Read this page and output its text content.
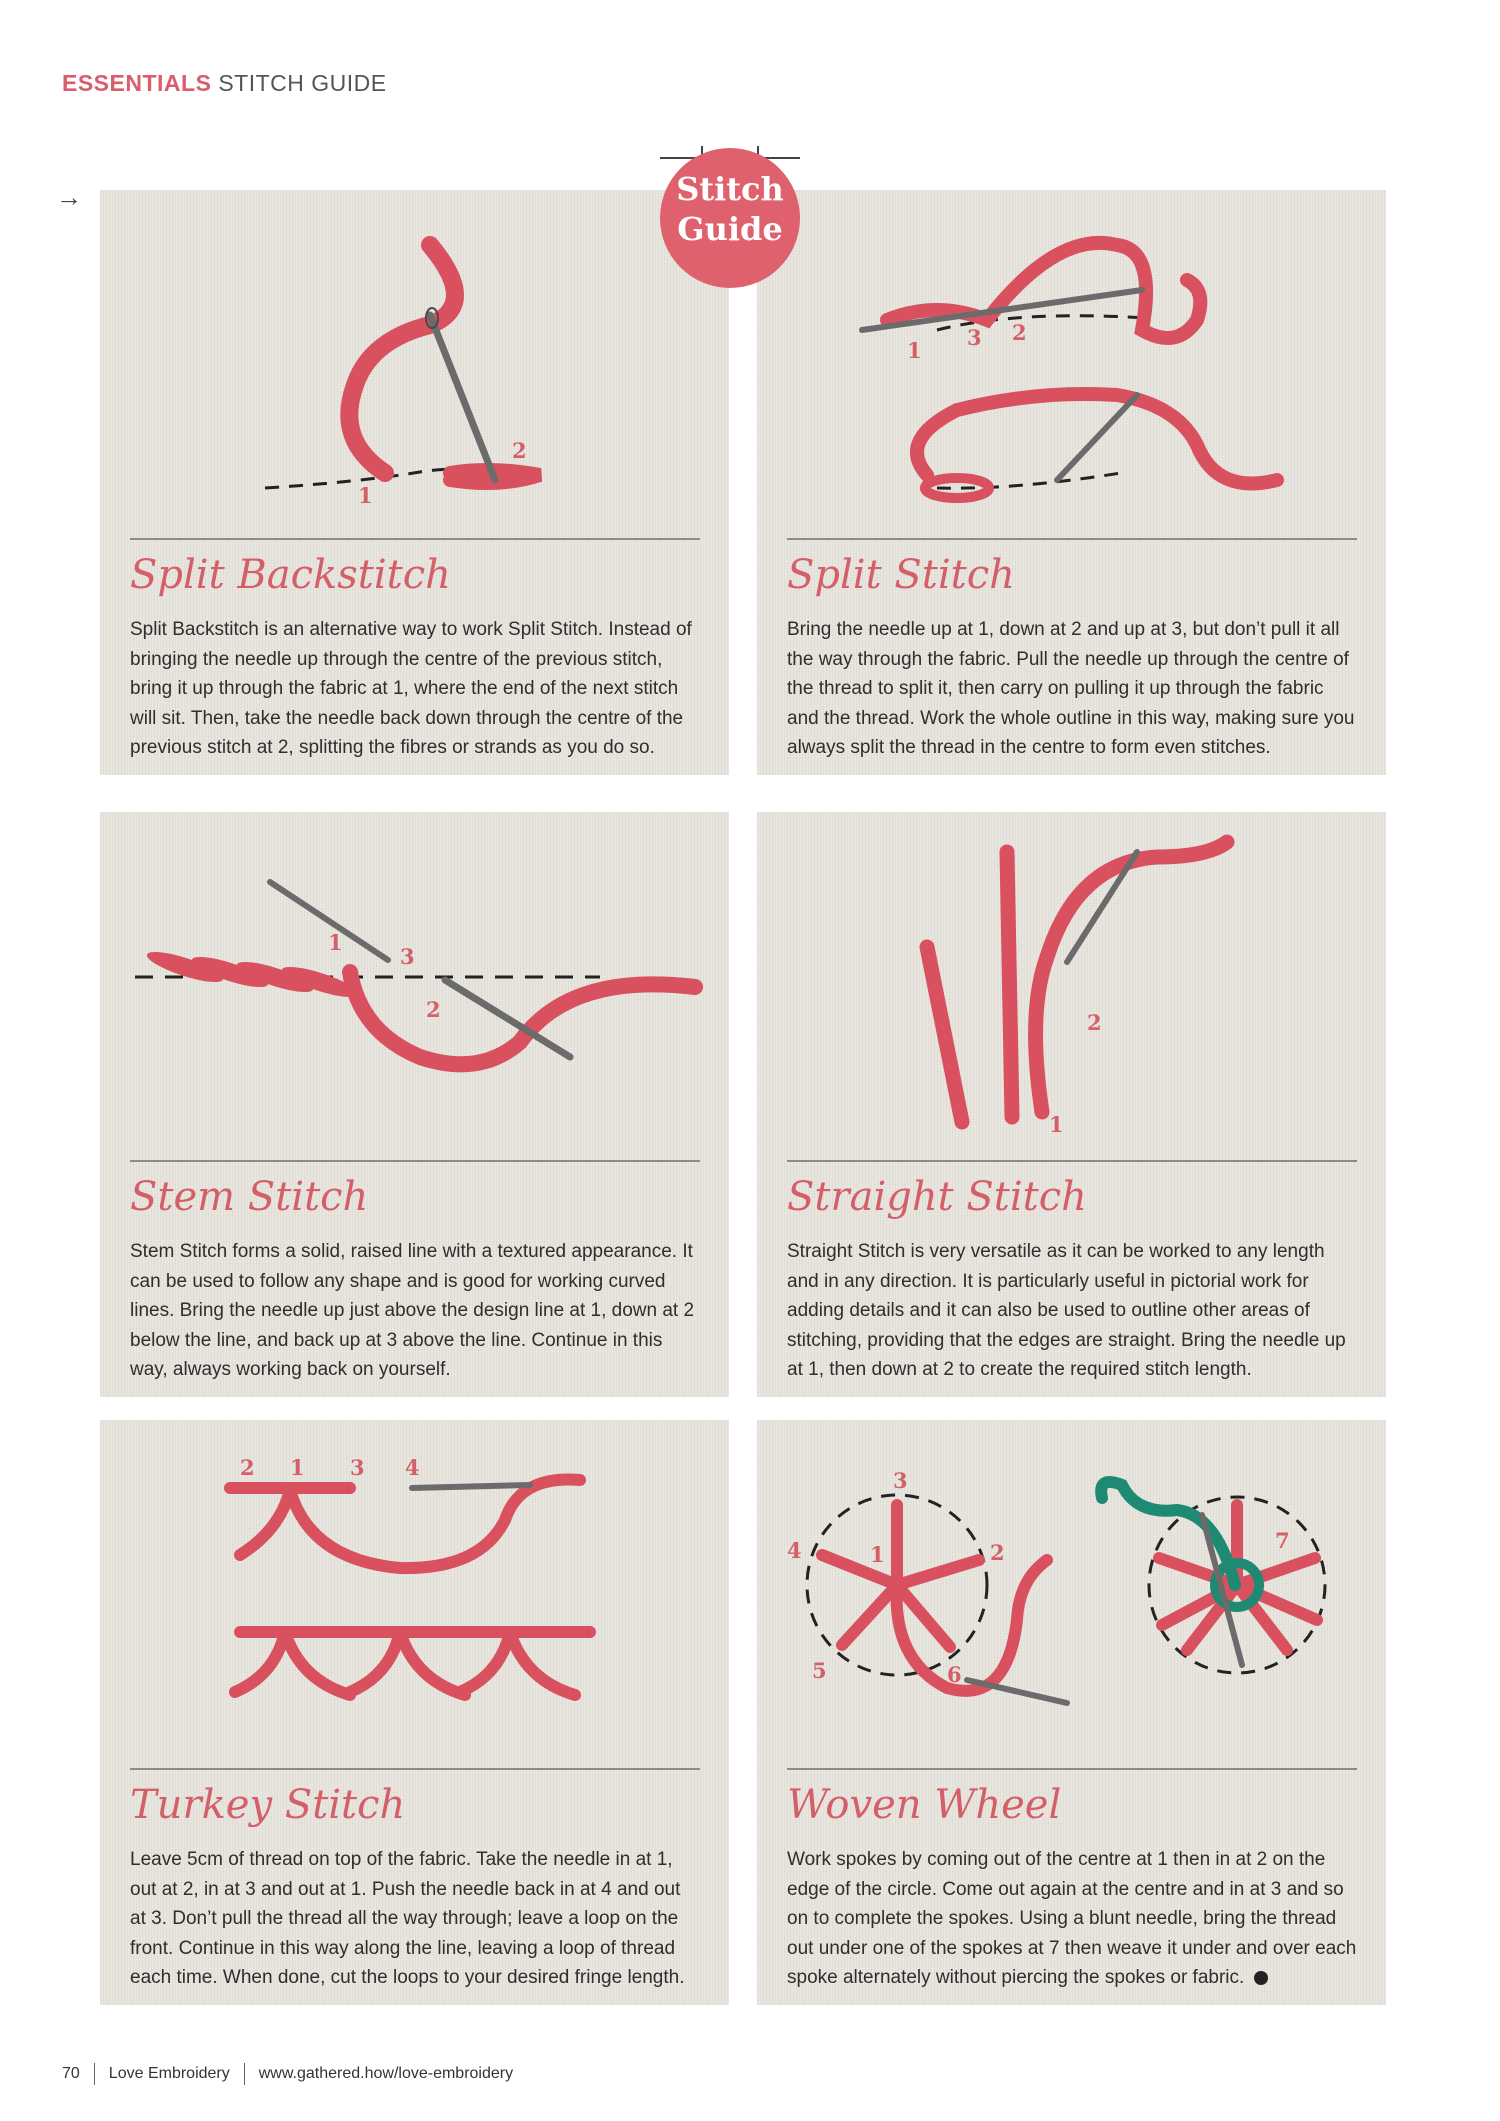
ESSENTIALS STITCH GUIDE
→
1
2
Split Backstitch
Split Backstitch is an alternative way to work Split Stitch. Instead of bringing the needle up through the centre of the previous stitch, bring it up through the fabric at 1, where the end of the next stitch will sit. Then, take the needle back down through the centre of the previous stitch at 2, splitting the fibres or strands as you do so.
1
3 2
Split Stitch
Bring the needle up at 1, down at 2 and up at 3, but don’t pull it all the way through the fabric. Pull the needle up through the centre of the thread to split it, then carry on pulling it up through the fabric and the thread. Work the whole outline in this way, making sure you always split the thread in the centre to form even stitches.
1
3
2
Stem Stitch
Stem Stitch forms a solid, raised line with a textured appearance. It can be used to follow any shape and is good for working curved lines. Bring the needle up just above the design line at 1, down at 2 below the line, and back up at 3 above the line. Continue in this way, always working back on yourself.
2
1
Straight Stitch
Straight Stitch is very versatile as it can be worked to any length and in any direction. It is particularly useful in pictorial work for adding details and it can also be used to outline other areas of stitching, providing that the edges are straight. Bring the needle up at 1, then down at 2 to create the required stitch length.
2 1 3 4
Turkey Stitch
Leave 5cm of thread on top of the fabric. Take the needle in at 1, out at 2, in at 3 and out at 1. Push the needle back in at 4 and out at 3. Don’t pull the thread all the way through; leave a loop on the front. Continue in this way along the line, leaving a loop of thread each time. When done, cut the loops to your desired fringe length.
3
4	1	2
5	6
7
Woven Wheel
Work spokes by coming out of the centre at 1 then in at 2 on the edge of the circle. Come out again at the centre and in at 3 and so on to complete the spokes. Using a blunt needle, bring the thread out under one of the spokes at 7 then weave it under and over each spoke alternately without piercing the spokes or fabric.
Stitch
Guide
70 Love Embroidery www.gathered.how/love-embroidery
